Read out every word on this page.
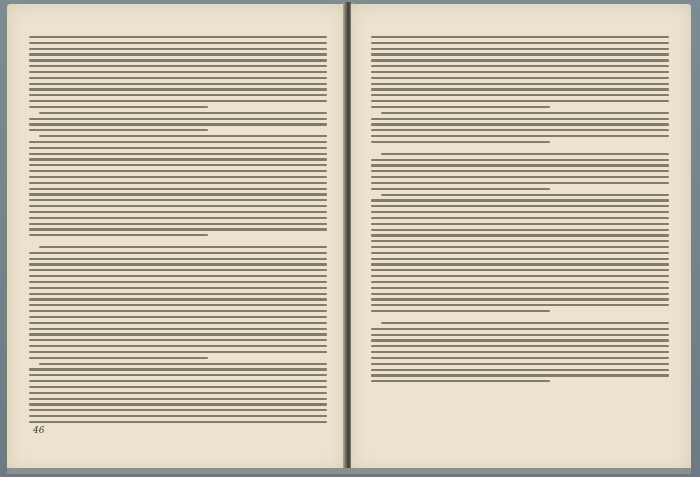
46
